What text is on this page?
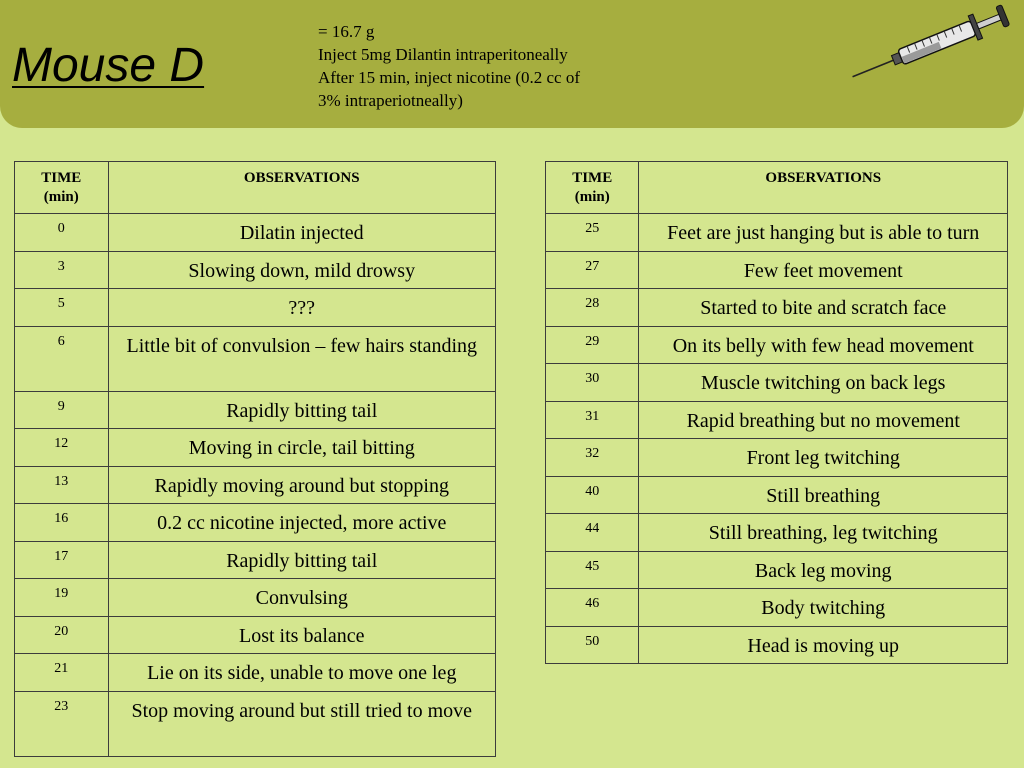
Mouse D
= 16.7 g
Inject 5mg Dilantin intraperitoneally
After 15 min, inject nicotine (0.2 cc of
3% intraperiotneally)
TIME
(min)	OBSERVATIONS
0	Dilatin injected
3	Slowing down, mild drowsy
5	???
6	Little bit of convulsion – few hairs standing
9	Rapidly bitting tail
12	Moving in circle, tail bitting
13	Rapidly moving around but stopping
16	0.2 cc nicotine injected, more active
17	Rapidly bitting tail
19	Convulsing
20	Lost its balance
21	Lie on its side, unable to move one leg
23	Stop moving around but still tried to move
TIME
(min)	OBSERVATIONS
25	Feet are just hanging but is able to turn
27	Few feet movement
28	Started to bite and scratch face
29	On its belly with few head movement
30	Muscle twitching on back legs
31	Rapid breathing but no movement
32	Front leg twitching
40	Still breathing
44	Still breathing, leg twitching
45	Back leg moving
46	Body twitching
50	Head is moving up
